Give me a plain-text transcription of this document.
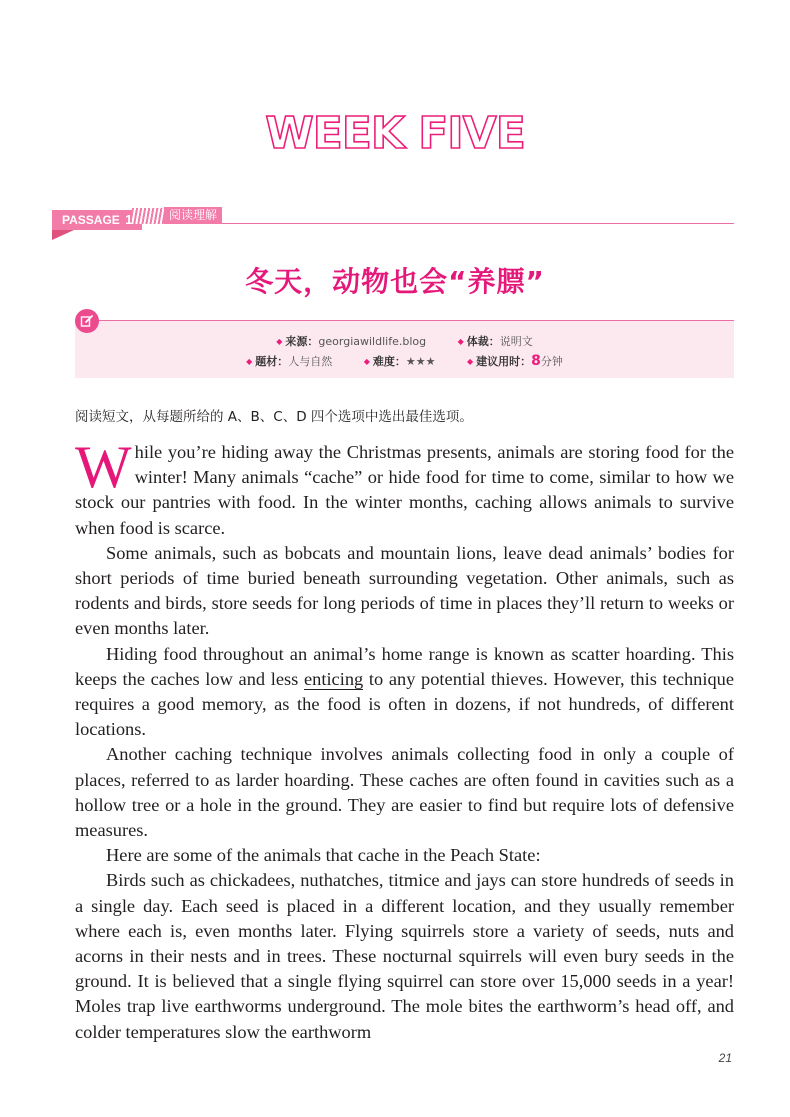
WEEK FIVE
PASSAGE 1	阅读理解
冬天，动物也会“养膘”
◆ 来源：georgiawildlife.blog	◆ 体裁：说明文
◆ 题材：人与自然	◆ 难度：★★★	◆ 建议用时：8分钟
阅读短文，从每题所给的 A、B、C、D 四个选项中选出最佳选项。

While you’re hiding away the Christmas presents, animals are storing food for the winter! Many animals “cache” or hide food for time to come, similar to how we stock our pantries with food. In the winter months, caching allows animals to survive when food is scarce.

Some animals, such as bobcats and mountain lions, leave dead animals’ bodies for short periods of time buried beneath surrounding vegetation. Other animals, such as rodents and birds, store seeds for long periods of time in places they’ll return to weeks or even months later.

Hiding food throughout an animal’s home range is known as scatter hoarding. This keeps the caches low and less enticing to any potential thieves. However, this technique requires a good memory, as the food is often in dozens, if not hundreds, of different locations.

Another caching technique involves animals collecting food in only a couple of places, referred to as larder hoarding. These caches are often found in cavities such as a hollow tree or a hole in the ground. They are easier to find but require lots of defensive measures.

Here are some of the animals that cache in the Peach State:

Birds such as chickadees, nuthatches, titmice and jays can store hundreds of seeds in a single day. Each seed is placed in a different location, and they usually remember where each is, even months later. Flying squirrels store a variety of seeds, nuts and acorns in their nests and in trees. These nocturnal squirrels will even bury seeds in the ground. It is believed that a single flying squirrel can store over 15,000 seeds in a year! Moles trap live earthworms underground. The mole bites the earthworm’s head off, and colder temperatures slow the earthworm

21
